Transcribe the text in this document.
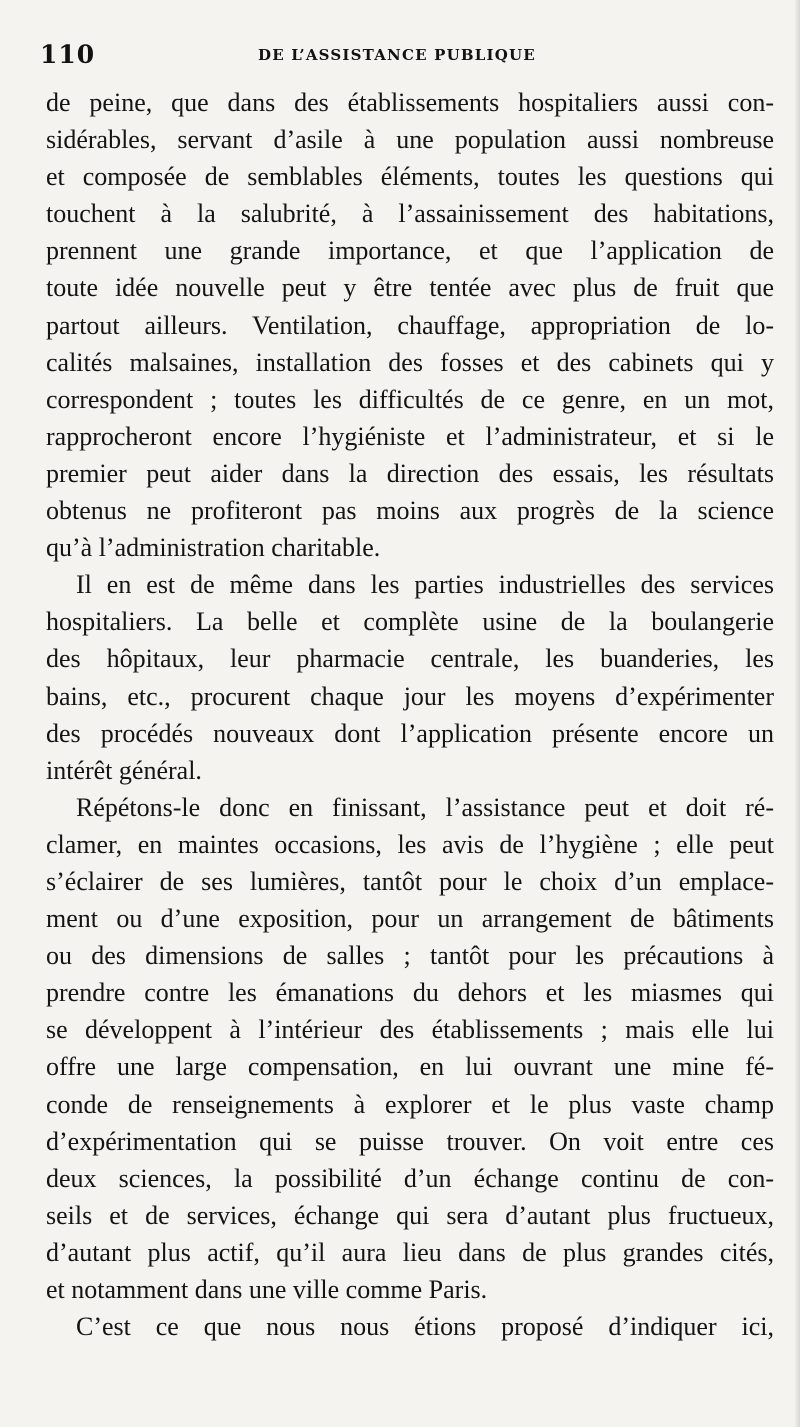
110	DE L’ASSISTANCE PUBLIQUE
de peine, que dans des établissements hospitaliers aussi con-
sidérables, servant d’asile à une population aussi nombreuse
et composée de semblables éléments, toutes les questions qui
touchent à la salubrité, à l’assainissement des habitations,
prennent une grande importance, et que l’application de
toute idée nouvelle peut y être tentée avec plus de fruit que
partout ailleurs. Ventilation, chauffage, appropriation de lo-
calités malsaines, installation des fosses et des cabinets qui y
correspondent ; toutes les difficultés de ce genre, en un mot,
rapprocheront encore l’hygiéniste et l’administrateur, et si le
premier peut aider dans la direction des essais, les résultats
obtenus ne profiteront pas moins aux progrès de la science
qu’à l’administration charitable.
Il en est de même dans les parties industrielles des services
hospitaliers. La belle et complète usine de la boulangerie
des hôpitaux, leur pharmacie centrale, les buanderies, les
bains, etc., procurent chaque jour les moyens d’expérimenter
des procédés nouveaux dont l’application présente encore un
intérêt général.
Répétons-le donc en finissant, l’assistance peut et doit ré-
clamer, en maintes occasions, les avis de l’hygiène ; elle peut
s’éclairer de ses lumières, tantôt pour le choix d’un emplace-
ment ou d’une exposition, pour un arrangement de bâtiments
ou des dimensions de salles ; tantôt pour les précautions à
prendre contre les émanations du dehors et les miasmes qui
se développent à l’intérieur des établissements ; mais elle lui
offre une large compensation, en lui ouvrant une mine fé-
conde de renseignements à explorer et le plus vaste champ
d’expérimentation qui se puisse trouver. On voit entre ces
deux sciences, la possibilité d’un échange continu de con-
seils et de services, échange qui sera d’autant plus fructueux,
d’autant plus actif, qu’il aura lieu dans de plus grandes cités,
et notamment dans une ville comme Paris.
C’est ce que nous nous étions proposé d’indiquer ici,
